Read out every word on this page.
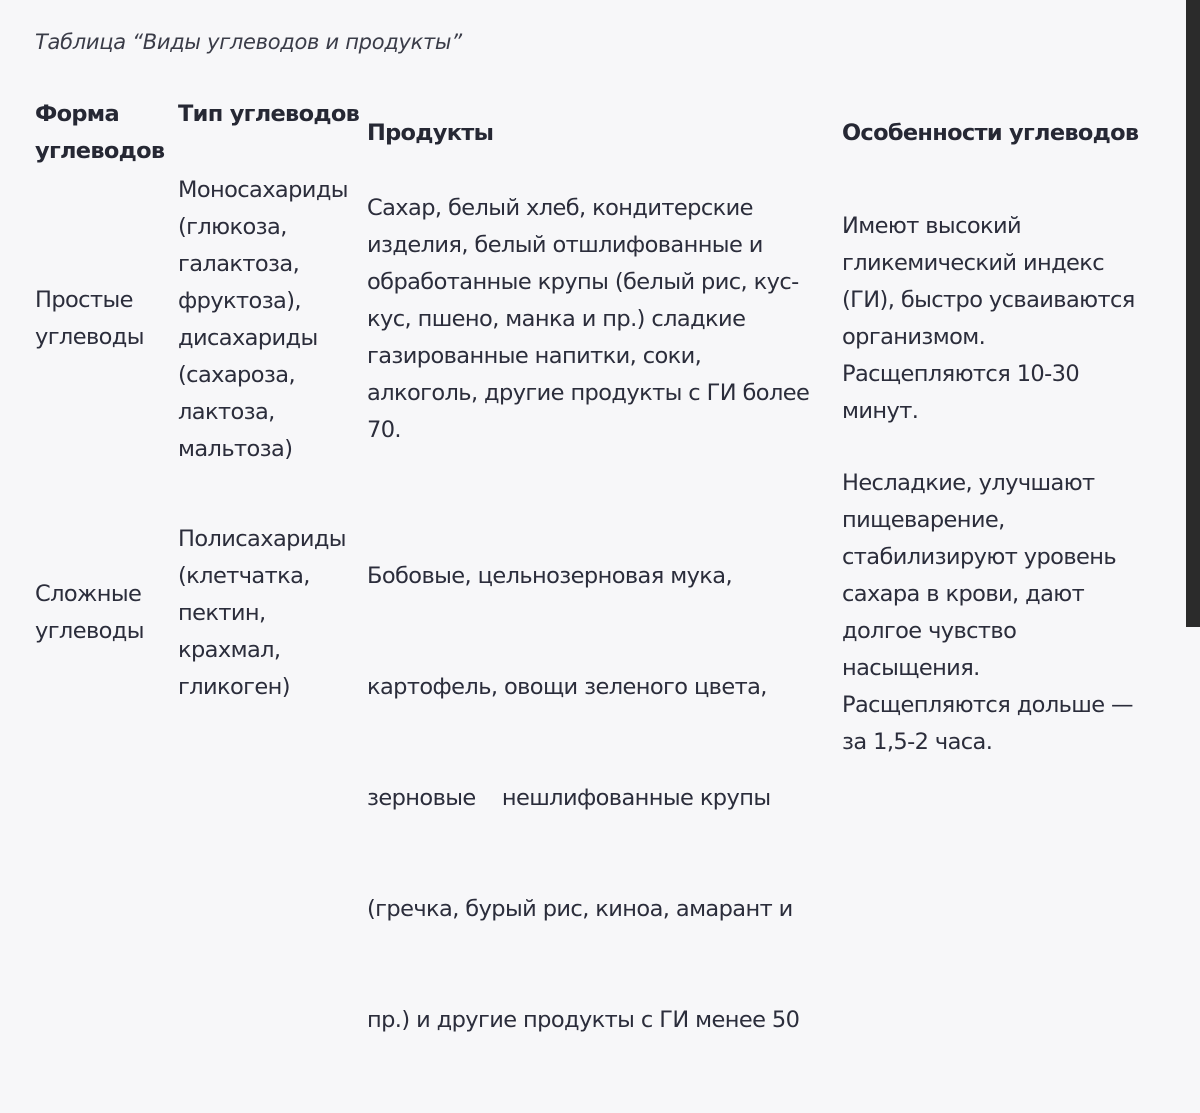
Таблица “Виды углеводов и продукты”
Форма
углеводов
Тип углеводов
Продукты	Особенности углеводов
Простые
углеводы
Моносахариды
(глюкоза,
галактоза,
фруктоза),
дисахариды
(сахароза,
лактоза,
мальтоза)
Сахар, белый хлеб, кондитерские
изделия, белый отшлифованные и
обработанные крупы (белый рис, кус-
кус, пшено, манка и пр.) сладкие
газированные напитки, соки,
алкоголь, другие продукты с ГИ более
70.
Имеют высокий
гликемический индекс
(ГИ), быстро усваиваются
организмом.
Расщепляются 10-30
минут.
Сложные
углеводы
Полисахариды
(клетчатка,
пектин,
крахмал,
гликоген)

Бобовые, цельнозерновая мука,

картофель, овощи зеленого цвета,

зерновые    нешлифованные крупы

(гречка, бурый рис, киноа, амарант и

пр.) и другие продукты с ГИ менее 50

Несладкие, улучшают
пищеварение,
стабилизируют уровень
сахара в крови, дают
долгое чувство
насыщения.
Расщепляются дольше —
за 1,5-2 часа.
